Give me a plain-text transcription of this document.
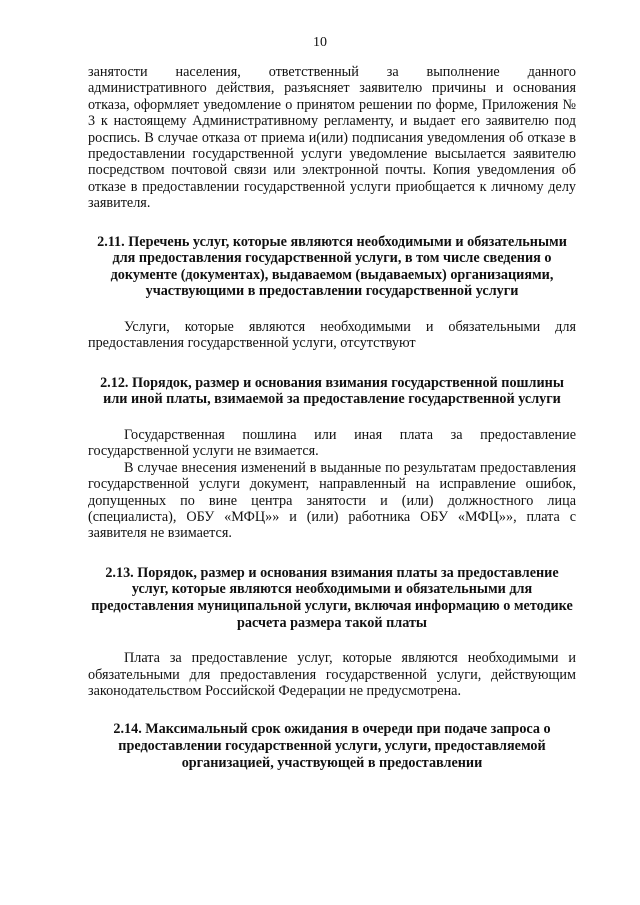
10

занятости населения, ответственный за выполнение данного административного действия, разъясняет заявителю причины и основания отказа, оформляет уведомление о принятом решении по форме, Приложения № 3 к настоящему Административному регламенту, и выдает его заявителю под роспись. В случае отказа от приема и(или) подписания уведомления об отказе в предоставлении государственной услуги уведомление высылается заявителю посредством почтовой связи или электронной почты. Копия уведомления об отказе в предоставлении государственной услуги приобщается к личному делу заявителя.

2.11. Перечень услуг, которые являются необходимыми и обязательными для предоставления государственной услуги, в том числе сведения о документе (документах), выдаваемом (выдаваемых) организациями, участвующими в предоставлении государственной услуги

Услуги, которые являются необходимыми и обязательными для предоставления государственной услуги, отсутствуют

2.12. Порядок, размер и основания взимания государственной пошлины или иной платы, взимаемой за предоставление государственной услуги

Государственная пошлина или иная плата за предоставление государственной услуги не взимается.

В случае внесения изменений в выданные по результатам предоставления государственной услуги документ, направленный на исправление ошибок, допущенных по вине центра занятости и (или) должностного лица (специалиста), ОБУ «МФЦ»» и (или) работника ОБУ «МФЦ»», плата с заявителя не взимается.

2.13. Порядок, размер и основания взимания платы за предоставление услуг, которые являются необходимыми и обязательными для предоставления муниципальной услуги, включая информацию о методике расчета размера такой платы

Плата за предоставление услуг, которые являются необходимыми и обязательными для предоставления государственной услуги, действующим законодательством Российской Федерации не предусмотрена.

2.14. Максимальный срок ожидания в очереди при подаче запроса о предоставлении государственной услуги, услуги, предоставляемой организацией, участвующей в предоставлении
